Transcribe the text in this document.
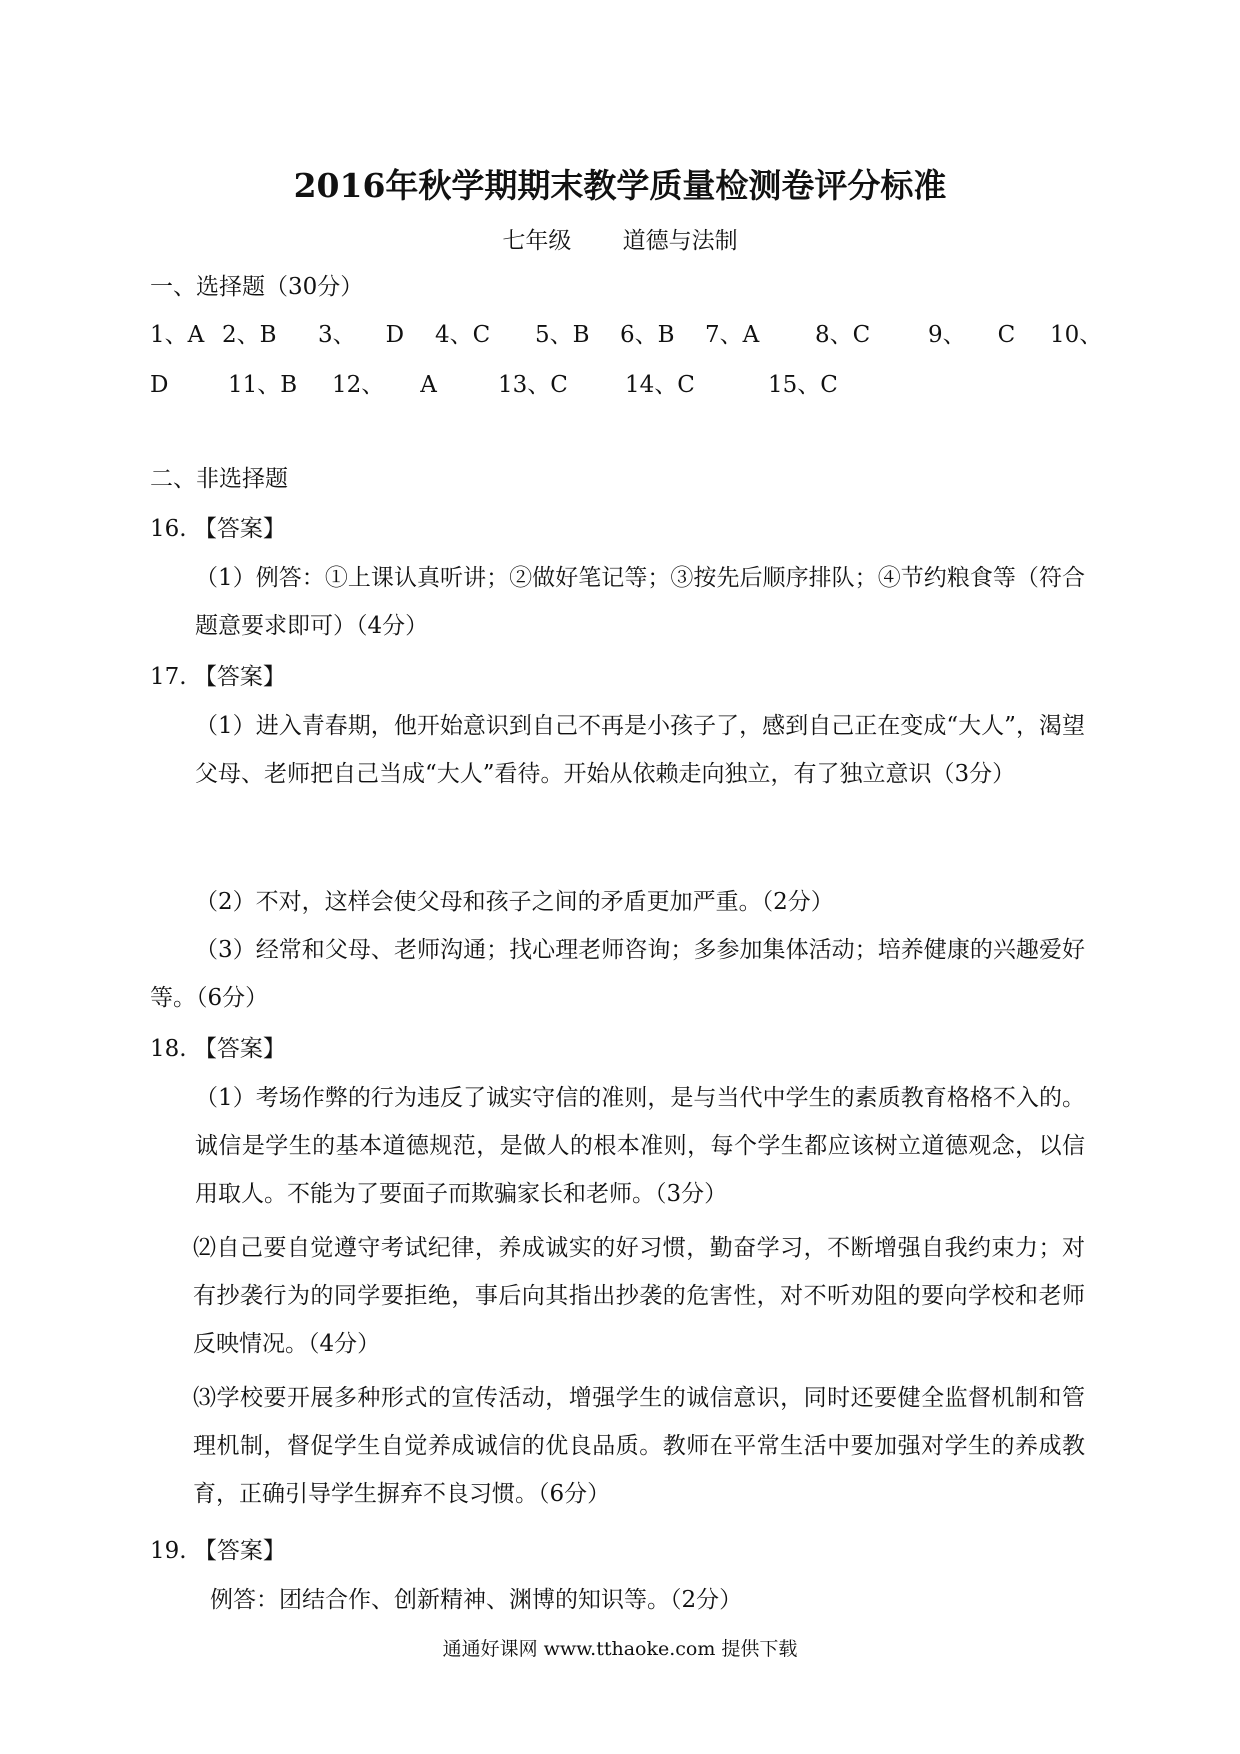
2016年秋学期期末教学质量检测卷评分标准
七年级 道德与法制
一、选择题（30分）
1、A 2、B 3、 D 4、C 5、B 6、B 7、A 8、C	9、 C 10、
D	11、B 12、 A	13、C 14、C	15、C
二、非选择题
16. 【答案】
（1）例答：①上课认真听讲；②做好笔记等；③按先后顺序排队；④节约粮食等（符合题意要求即可）（4分）
17. 【答案】
（1）进入青春期，他开始意识到自己不再是小孩子了，感到自己正在变成“大人”，渴望父母、老师把自己当成“大人”看待。开始从依赖走向独立，有了独立意识（3分）
（2）不对，这样会使父母和孩子之间的矛盾更加严重。（2分）
（3）经常和父母、老师沟通；找心理老师咨询；多参加集体活动；培养健康的兴趣爱好等。（6分）
18. 【答案】
（1）考场作弊的行为违反了诚实守信的准则，是与当代中学生的素质教育格格不入的。诚信是学生的基本道德规范，是做人的根本准则，每个学生都应该树立道德观念，以信用取人。不能为了要面子而欺骗家长和老师。（3分）
⑵自己要自觉遵守考试纪律，养成诚实的好习惯，勤奋学习，不断增强自我约束力；对有抄袭行为的同学要拒绝，事后向其指出抄袭的危害性，对不听劝阻的要向学校和老师反映情况。（4分）
⑶学校要开展多种形式的宣传活动，增强学生的诚信意识，同时还要健全监督机制和管理机制，督促学生自觉养成诚信的优良品质。教师在平常生活中要加强对学生的养成教育，正确引导学生摒弃不良习惯。（6分）
19. 【答案】
例答：团结合作、创新精神、渊博的知识等。（2分）
通通好课网 www.tthaoke.com 提供下载
